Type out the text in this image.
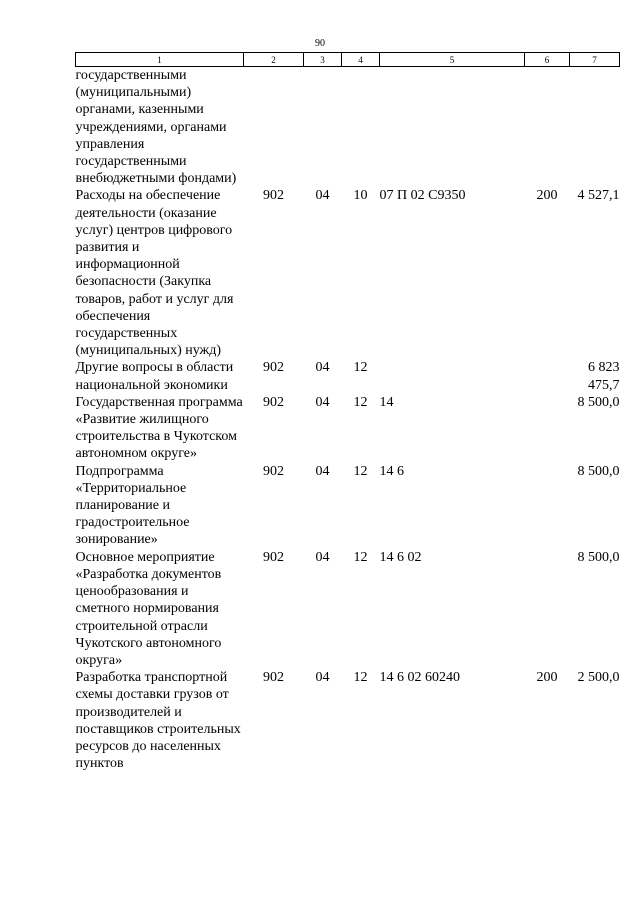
90
1	2	3	4	5	6	7
государственными (муниципальными) органами, казенными учреждениями, органами управления государственными внебюджетными фондами)						
Расходы на обеспечение деятельности (оказание услуг) центров цифрового развития и информационной безопасности (Закупка товаров, работ и услуг для обеспечения государственных (муниципальных) нужд)	902	04	10	07 П 02 С9350	200	4 527,1
Другие вопросы в области национальной экономики	902	04	12			6 823 475,7
Государственная программа «Развитие жилищного строительства в Чукотском автономном округе»	902	04	12	14		8 500,0
Подпрограмма «Территориальное планирование и градостроительное зонирование»	902	04	12	14 6		8 500,0
Основное мероприятие «Разработка документов ценообразования и сметного нормирования строительной отрасли Чукотского автономного округа»	902	04	12	14 6 02		8 500,0
Разработка транспортной схемы доставки грузов от производителей и поставщиков строительных ресурсов до населенных пунктов	902	04	12	14 6 02 60240	200	2 500,0
